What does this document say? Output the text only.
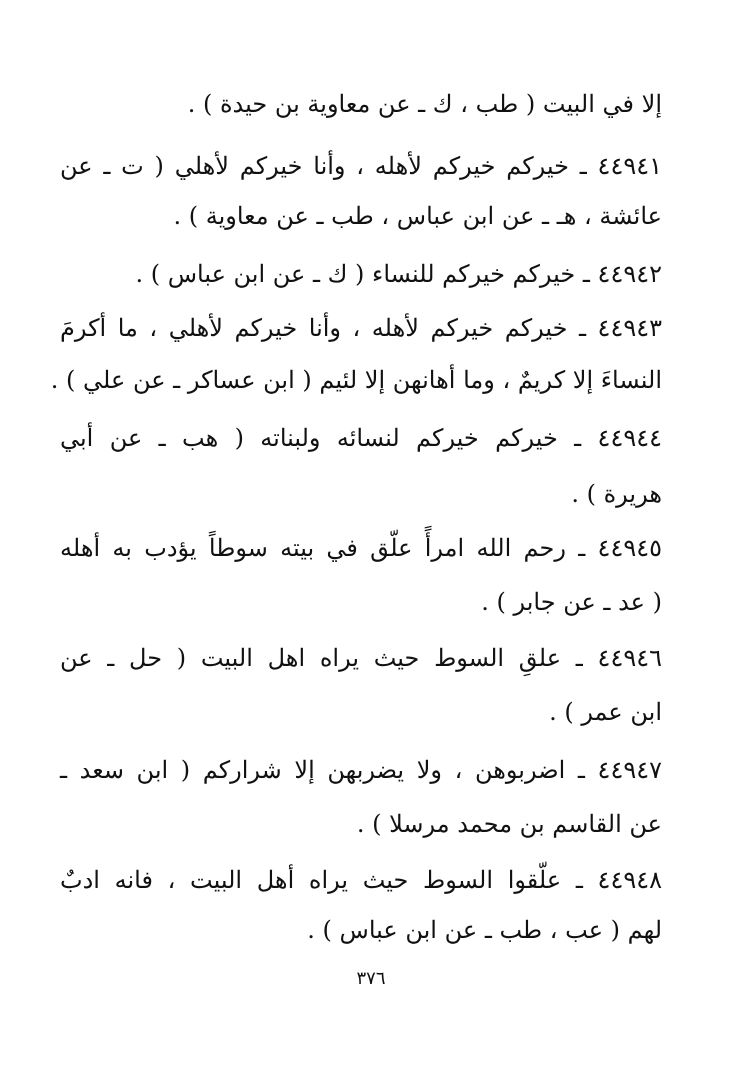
إلا في البيت ( طب ، ك ـ عن معاوية بن حيدة ) .
٤٤٩٤١ ـ خيركم خيركم لأهله ، وأنا خيركم لأهلي ( ت ـ عن
عائشة ، هـ ـ عن ابن عباس ، طب ـ عن معاوية ) .
٤٤٩٤٢ ـ خيركم خيركم للنساء ( ك ـ عن ابن عباس ) .
٤٤٩٤٣ ـ خيركم خيركم لأهله ، وأنا خيركم لأهلي ، ما أكرمَ
النساءَ إلا كريمٌ ، وما أهانهن إلا لئيم ( ابن عساكر ـ عن علي ) .
٤٤٩٤٤ ـ خيركم خيركم لنسائه ولبناته ( هب ـ عن أبي
هريرة ) .
٤٤٩٤٥ ـ رحم الله امرأً علّق في بيته سوطاً يؤدب به أهله
( عد ـ عن جابر ) .
٤٤٩٤٦ ـ علقِ السوط حيث يراه اهل البيت ( حل ـ عن
ابن عمر ) .
٤٤٩٤٧ ـ اضربوهن ، ولا يضربهن إلا شراركم ( ابن سعد ـ
عن القاسم بن محمد مرسلا ) .
٤٤٩٤٨ ـ علّقوا السوط حيث يراه أهل البيت ، فانه ادبٌ
لهم ( عب ، طب ـ عن ابن عباس ) .
٣٧٦
